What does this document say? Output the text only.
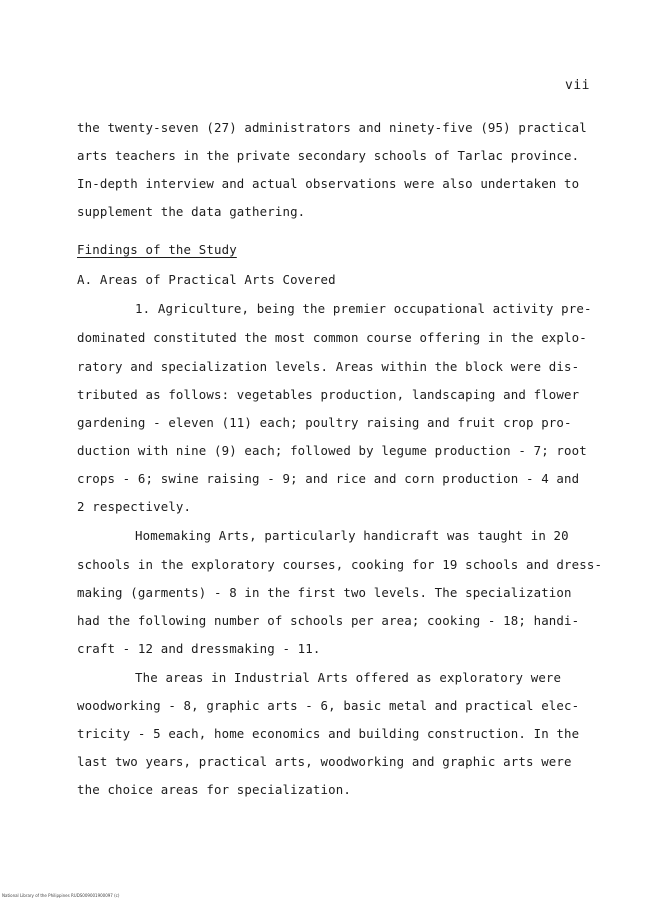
vii
the twenty-seven (27) administrators and ninety-five (95) practical
arts teachers in the private secondary schools of Tarlac province.
In-depth interview and actual observations were also undertaken to
supplement the data gathering.
Findings of the Study
A. Areas of Practical Arts Covered
1. Agriculture, being the premier occupational activity pre-
dominated constituted the most common course offering in the explo-
ratory and specialization levels. Areas within the block were dis-
tributed as follows: vegetables production, landscaping and flower
gardening - eleven (11) each; poultry raising and fruit crop pro-
duction with nine (9) each; followed by legume production - 7; root
crops - 6; swine raising - 9; and rice and corn production - 4 and
2 respectively.
Homemaking Arts, particularly handicraft was taught in 20
schools in the exploratory courses, cooking for 19 schools and dress-
making (garments) - 8 in the first two levels. The specialization
had the following number of schools per area; cooking - 18; handi-
craft - 12 and dressmaking - 11.
The areas in Industrial Arts offered as exploratory were
woodworking - 8, graphic arts - 6, basic metal and practical elec-
tricity - 5 each, home economics and building construction. In the
last two years, practical arts, woodworking and graphic arts were
the choice areas for specialization.
National Library of the Philippines RUDS009001900097 (c)
